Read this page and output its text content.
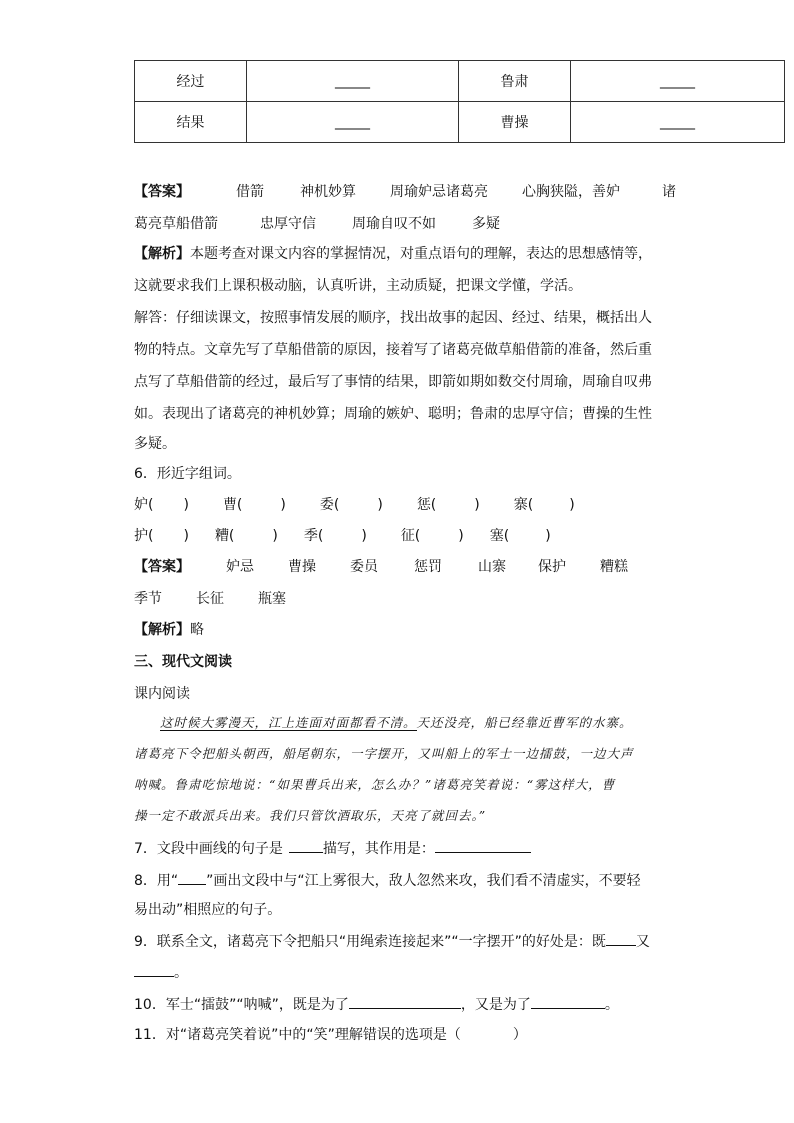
经过	_____	鲁肃	_____
结果	_____	曹操	_____
【答案】	借箭	神机妙算 周瑜妒忌诸葛亮 心胸狭隘，善妒	诸
葛亮草船借箭	忠厚守信	周瑜自叹不如	多疑
【解析】本题考查对课文内容的掌握情况，对重点语句的理解，表达的思想感情等，
这就要求我们上课积极动脑，认真听讲，主动质疑，把课文学懂，学活。
解答：仔细读课文，按照事情发展的顺序，找出故事的起因、经过、结果，概括出人
物的特点。文章先写了草船借箭的原因，接着写了诸葛亮做草船借箭的准备，然后重
点写了草船借箭的经过，最后写了事情的结果，即箭如期如数交付周瑜，周瑜自叹弗
如。表现出了诸葛亮的神机妙算；周瑜的嫉妒、聪明；鲁肃的忠厚守信；曹操的生性
多疑。
6．形近字组词。
妒( ) 曹(	) 委(	) 惩(	) 寨(	)
护( ) 糟(	) 季(	) 征(	) 塞(	)
【答案】	妒忌 曹操 委员	惩罚	山寨 保护 糟糕
季节 长征 瓶塞
【解析】略
三、现代文阅读
课内阅读
这时候大雾漫天，江上连面对面都看不清。天还没亮，船已经靠近曹军的水寨。
诸葛亮下令把船头朝西，船尾朝东，一字摆开，又叫船上的军士一边擂鼓，一边大声
呐喊。鲁肃吃惊地说：“如果曹兵出来，怎么办？”诸葛亮笑着说：“雾这样大，曹
操一定不敢派兵出来。我们只管饮酒取乐，天亮了就回去。”
7．文段中画线的句子是	描写，其作用是：
8．用“ ”画出文段中与“江上雾很大，敌人忽然来攻，我们看不清虚实，不要轻
易出动”相照应的句子。
9．联系全文，诸葛亮下令把船只“用绳索连接起来”“一字摆开”的好处是：既 又
。
10．军士“擂鼓”“呐喊”，既是为了	，又是为了	。
11．对“诸葛亮笑着说”中的“笑”理解错误的选项是（	）
